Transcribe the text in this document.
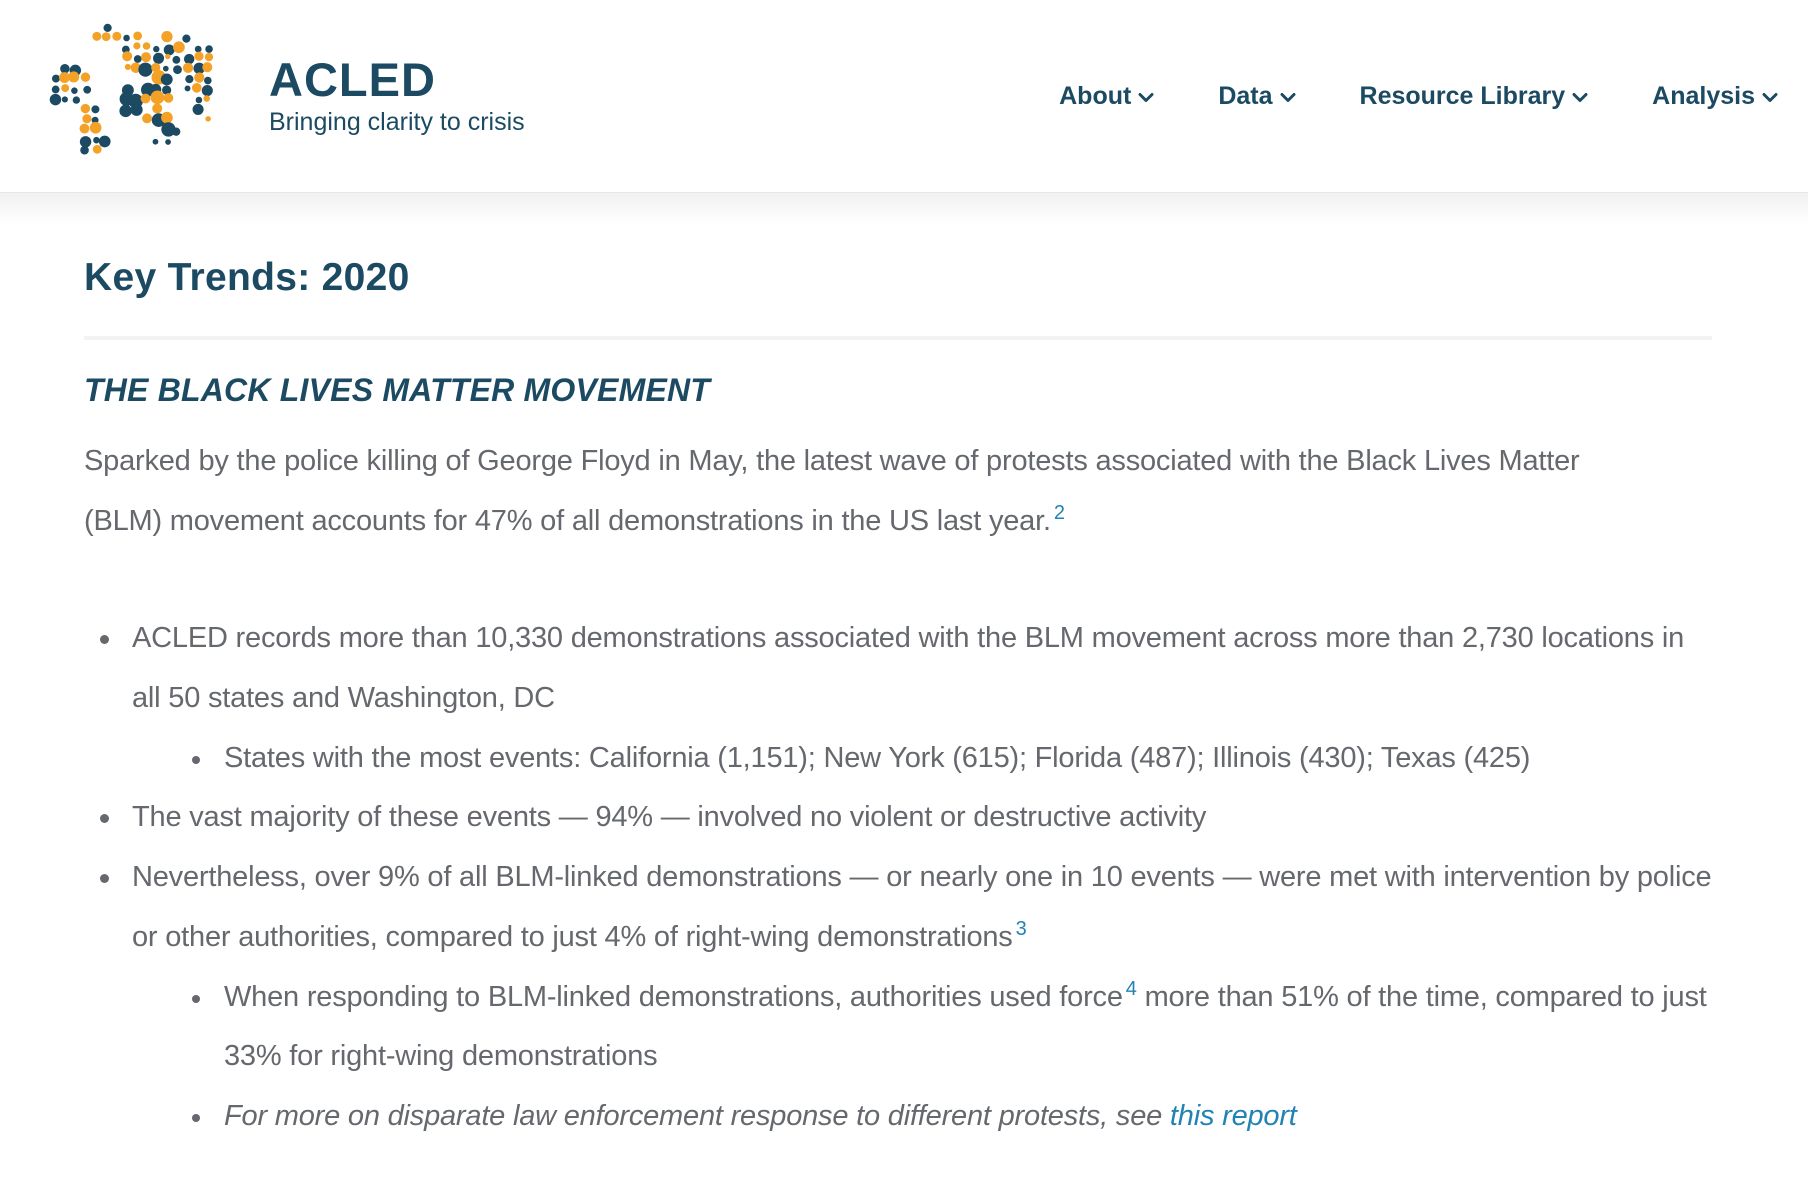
ACLED
Bringing clarity to crisis
About	Data	Resource Library	Analysis
Key Trends: 2020
THE BLACK LIVES MATTER MOVEMENT

Sparked by the police killing of George Floyd in May, the latest wave of protests associated with the Black Lives Matter (BLM) movement accounts for 47% of all demonstrations in the US last year. $^2$

ACLED records more than 10,330 demonstrations associated with the BLM movement across more than 2,730 locations in all 50 states and Washington, DC
States with the most events: California (1,151); New York (615); Florida (487); Illinois (430); Texas (425)
The vast majority of these events — 94% — involved no violent or destructive activity
Nevertheless, over 9% of all BLM-linked demonstrations — or nearly one in 10 events — were met with intervention by police or other authorities, compared to just 4% of right-wing demonstrations $^3$
When responding to BLM-linked demonstrations, authorities used force $^4$ more than 51% of the time, compared to just 33% for right-wing demonstrations
For more on disparate law enforcement response to different protests, see this report
